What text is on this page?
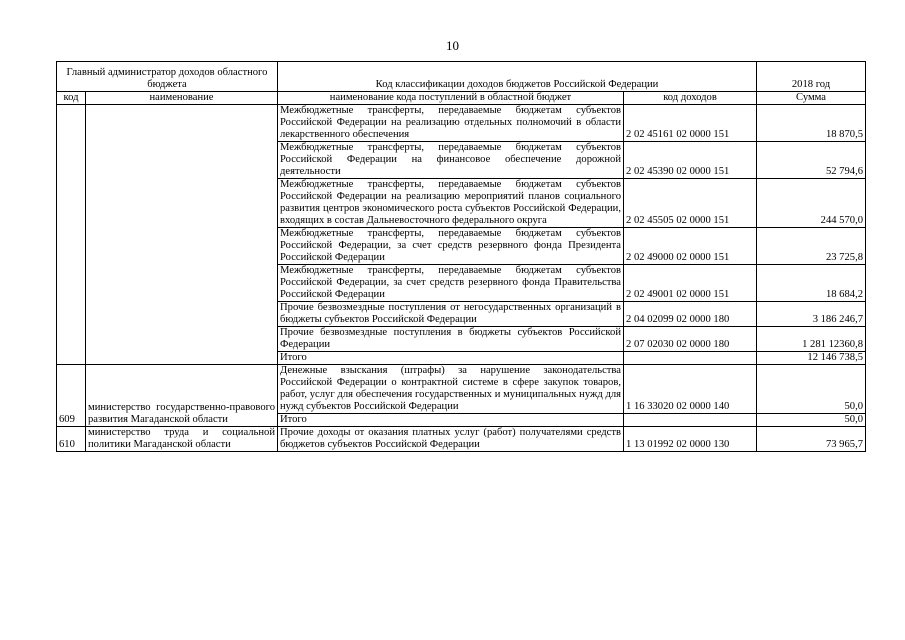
10
Главный администратор доходов областного бюджета		Код классификации доходов бюджетов Российской Федерации		2018 год
код	наименование	наименование кода поступлений в областной бюджет	код доходов	Сумма
		Межбюджетные трансферты, передаваемые бюджетам субъектов Российской Федерации на реализацию отдельных полномочий в области лекарственного обеспечения	2 02 45161 02 0000 151	18 870,5
		Межбюджетные трансферты, передаваемые бюджетам субъектов Российской Федерации на финансовое обеспечение дорожной деятельности	2 02 45390 02 0000 151	52 794,6
		Межбюджетные трансферты, передаваемые бюджетам субъектов Российской Федерации на реализацию мероприятий планов социального развития центров экономического роста субъектов Российской Федерации, входящих в состав Дальневосточного федерального округа	2 02 45505 02 0000 151	244 570,0
		Межбюджетные трансферты, передаваемые бюджетам субъектов Российской Федерации, за счет средств резервного фонда Президента Российской Федерации	2 02 49000 02 0000 151	23 725,8
		Межбюджетные трансферты, передаваемые бюджетам субъектов Российской Федерации, за счет средств резервного фонда Правительства Российской Федерации	2 02 49001 02 0000 151	18 684,2
		Прочие безвозмездные поступления от негосударственных организаций в бюджеты субъектов Российской Федерации	2 04 02099 02 0000 180	3 186 246,7
		Прочие безвозмездные поступления в бюджеты субъектов Российской Федерации	2 07 02030 02 0000 180	1 281 12360,8
		Итого		12 146 738,5
609	министерство государственно-правового развития Магаданской области	Денежные взыскания (штрафы) за нарушение законодательства Российской Федерации о контрактной системе в сфере закупок товаров, работ, услуг для обеспечения государственных и муниципальных нужд для нужд субъектов Российской Федерации	1 16 33020 02 0000 140	50,0
		Итого		50,0
610	министерство труда и социальной политики Магаданской области	Прочие доходы от оказания платных услуг (работ) получателями средств бюджетов субъектов Российской Федерации	1 13 01992 02 0000 130	73 965,7
